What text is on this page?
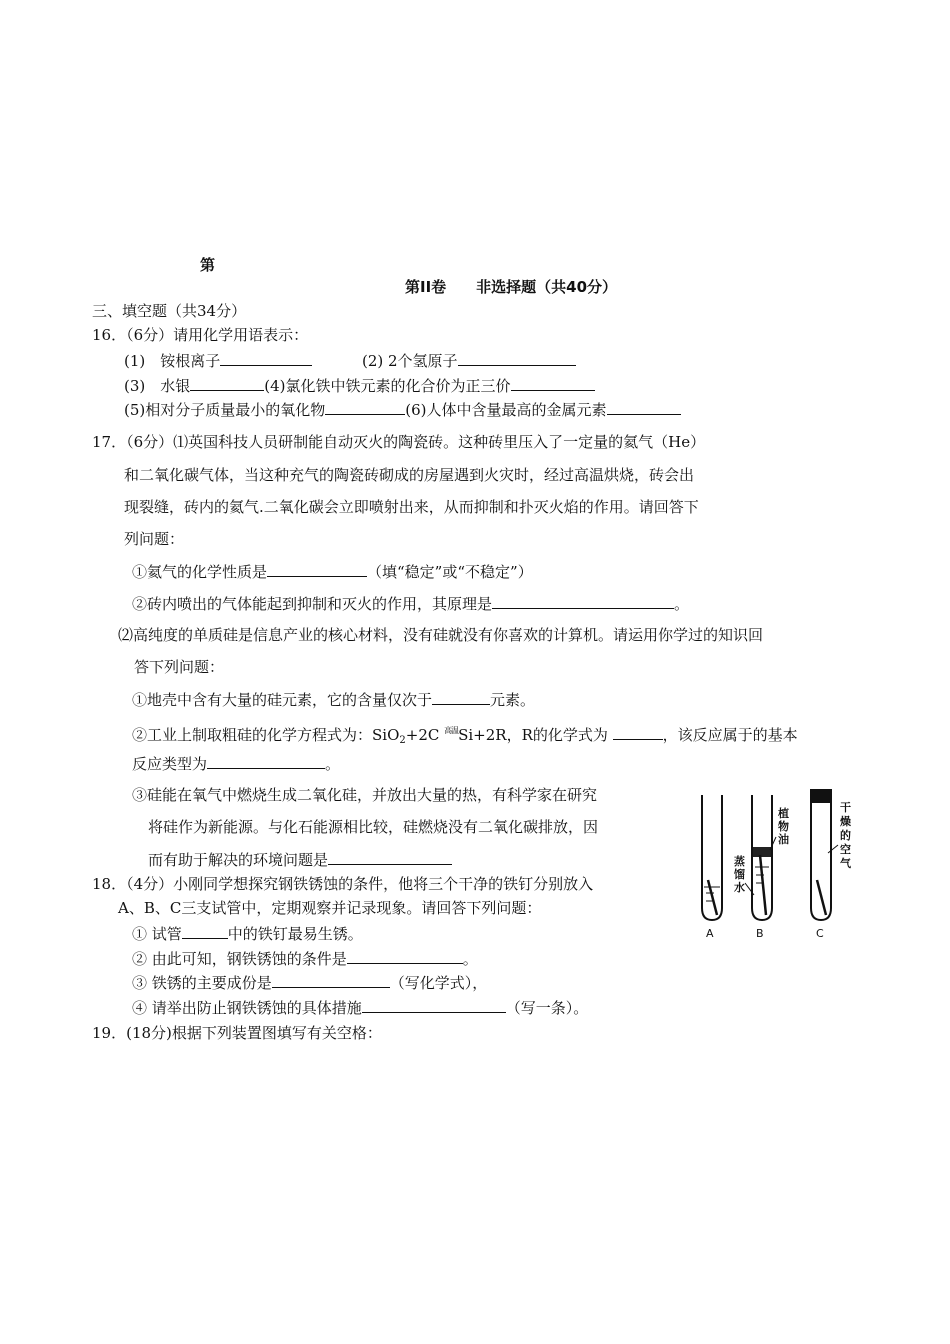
第
第II卷　　非选择题（共40分）
三、填空题（共34分）
16．（6分）请用化学用语表示：
(1)　铵根离子	(2) 2个氢原子
(3)　水银	(4)氯化铁中铁元素的化合价为正三价
(5)相对分子质量最小的氧化物	(6)人体中含量最高的金属元素
17．（6分）⑴英国科技人员研制能自动灭火的陶瓷砖。这种砖里压入了一定量的氦气（He）
和二氧化碳气体，当这种充气的陶瓷砖砌成的房屋遇到火灾时，经过高温烘烧，砖会出
现裂缝，砖内的氦气.二氧化碳会立即喷射出来，从而抑制和扑灭火焰的作用。请回答下
列问题：
①氦气的化学性质是	（填“稳定”或“不稳定”）
②砖内喷出的气体能起到抑制和灭火的作用，其原理是	。
⑵高纯度的单质硅是信息产业的核心材料，没有硅就没有你喜欢的计算机。请运用你学过的知识回
答下列问题：
①地壳中含有大量的硅元素，它的含量仅次于	元素。
②工业上制取粗硅的化学方程式为：SiO$_2$+2C $^{高温}$Si+2R，R的化学式为	，该反应属于的基本
反应类型为	。
③硅能在氧气中燃烧生成二氧化硅，并放出大量的热，有科学家在研究
将硅作为新能源。与化石能源相比较，硅燃烧没有二氧化碳排放，因
而有助于解决的环境问题是
18．（4分）小刚同学想探究钢铁锈蚀的条件，他将三个干净的铁钉分别放入
A、B、C三支试管中，定期观察并记录现象。请回答下列问题：
① 试管	中的铁钉最易生锈。
② 由此可知，钢铁锈蚀的条件是	。
③ 铁锈的主要成份是	（写化学式），
④ 请举出防止钢铁锈蚀的具体措施	（写一条）。
19．(18分)根据下列装置图填写有关空格：
植
物
油
蒸
馏
水
干
燥
的
空
气
A	B	C
